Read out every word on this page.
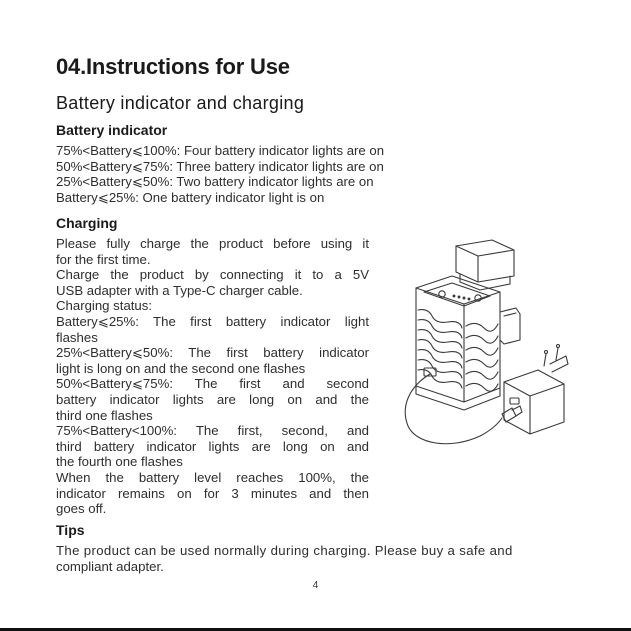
04.Instructions for Use
Battery indicator and charging
Battery indicator
75%<Battery⩽100%: Four battery indicator lights are on
50%<Battery⩽75%: Three battery indicator lights are on
25%<Battery⩽50%: Two battery indicator lights are on
Battery⩽25%: One battery indicator light is on
Charging
Please fully charge the product before using it
for the first time.
Charge the product by connecting it to a 5V
USB adapter with a Type-C charger cable.
Charging status:
Battery⩽25%: The first battery indicator light
flashes
25%<Battery⩽50%: The first battery indicator
light is long on and the second one flashes
50%<Battery⩽75%: The first and second
battery indicator lights are long on and the
third one flashes
75%<Battery<100%: The first, second, and
third battery indicator lights are long on and
the fourth one flashes
When the battery level reaches 100%, the
indicator remains on for 3 minutes and then
goes off.
Tips
The product can be used normally during charging. Please buy a safe and
compliant adapter.
4
